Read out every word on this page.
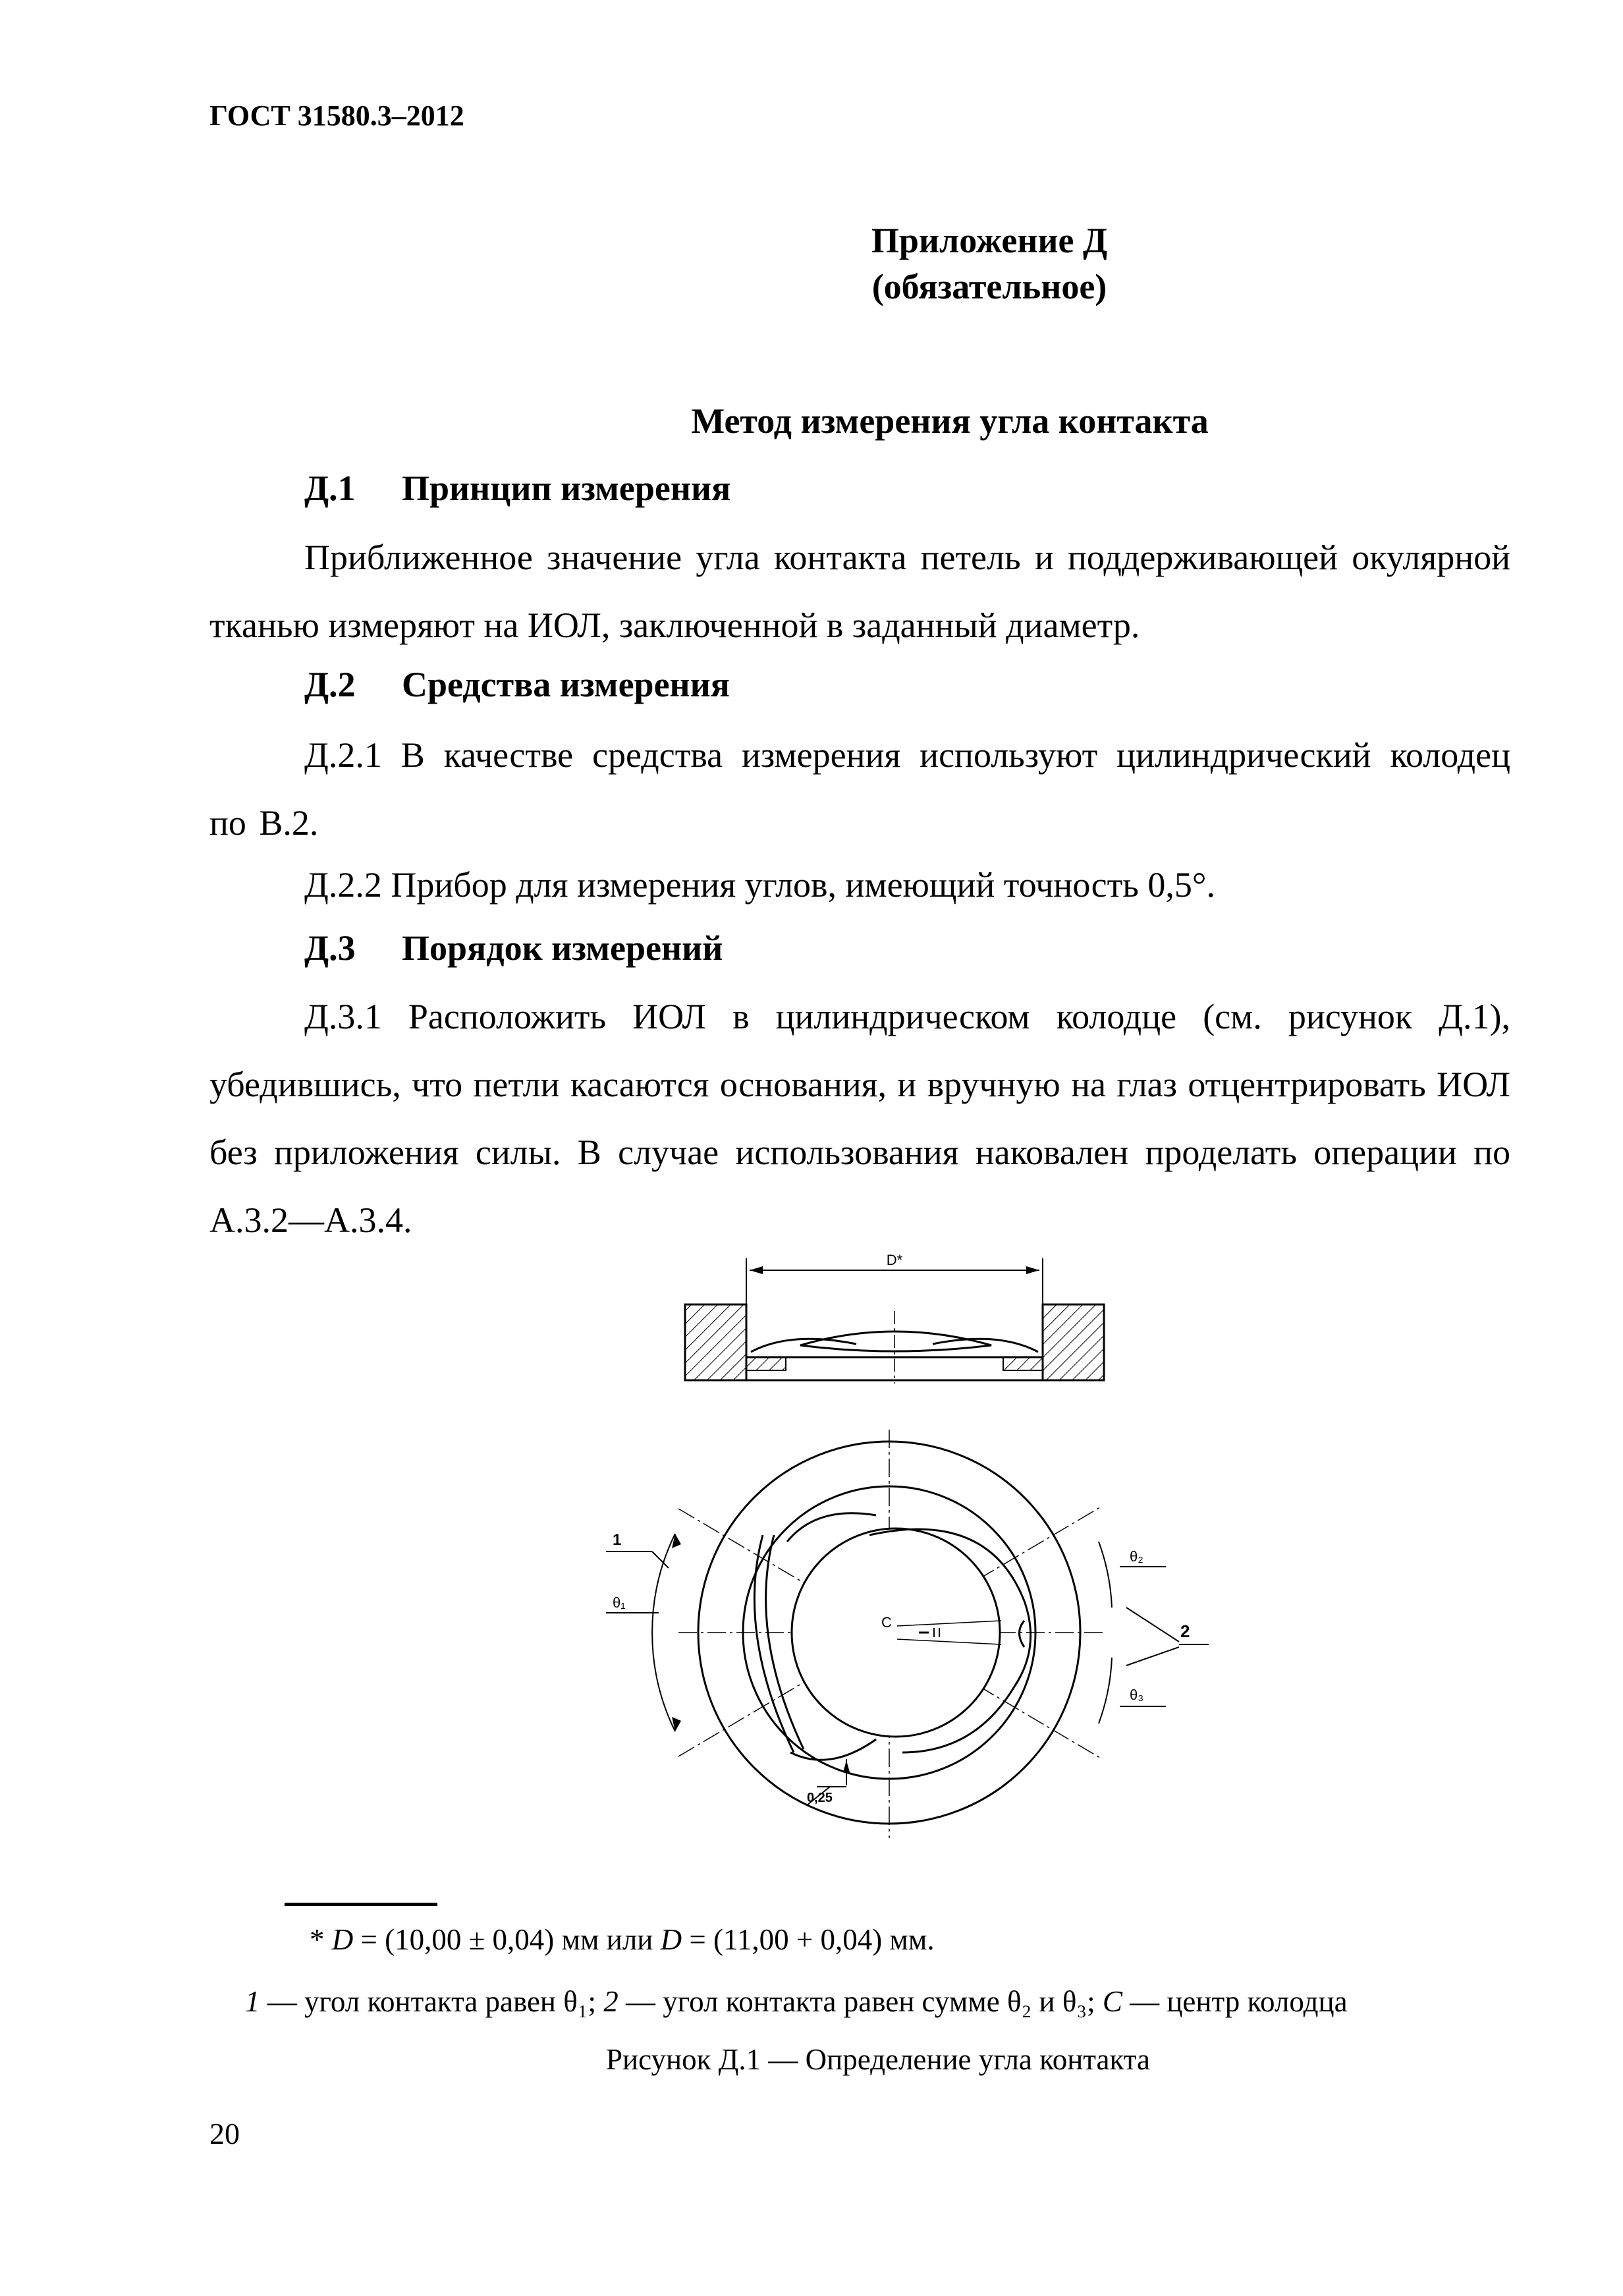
ГОСТ 31580.3–2012
Приложение Д
(обязательное)
Метод измерения угла контакта
Д.1 Принцип измерения
Приближенное значение угла контакта петель и поддерживающей окулярной тканью измеряют на ИОЛ, заключенной в заданный диаметр.
Д.2 Средства измерения
Д.2.1 В качестве средства измерения используют цилиндрический колодец по В.2.
Д.2.2 Прибор для измерения углов, имеющий точность 0,5°.
Д.3 Порядок измерений
Д.3.1 Расположить ИОЛ в цилиндрическом колодце (см. рисунок Д.1), убедившись, что петли касаются основания, и вручную на глаз отцентрировать ИОЛ без приложения силы. В случае использования наковален проделать операции по А.3.2—А.3.4.
D*
C
1
θ₁
θ₂
θ₃
2
0,25
* D = (10,00 ± 0,04) мм или D = (11,00 + 0,04) мм.
1 — угол контакта равен θ₁; 2 — угол контакта равен сумме θ₂ и θ₃; C — центр колодца
Рисунок Д.1 — Определение угла контакта
20
